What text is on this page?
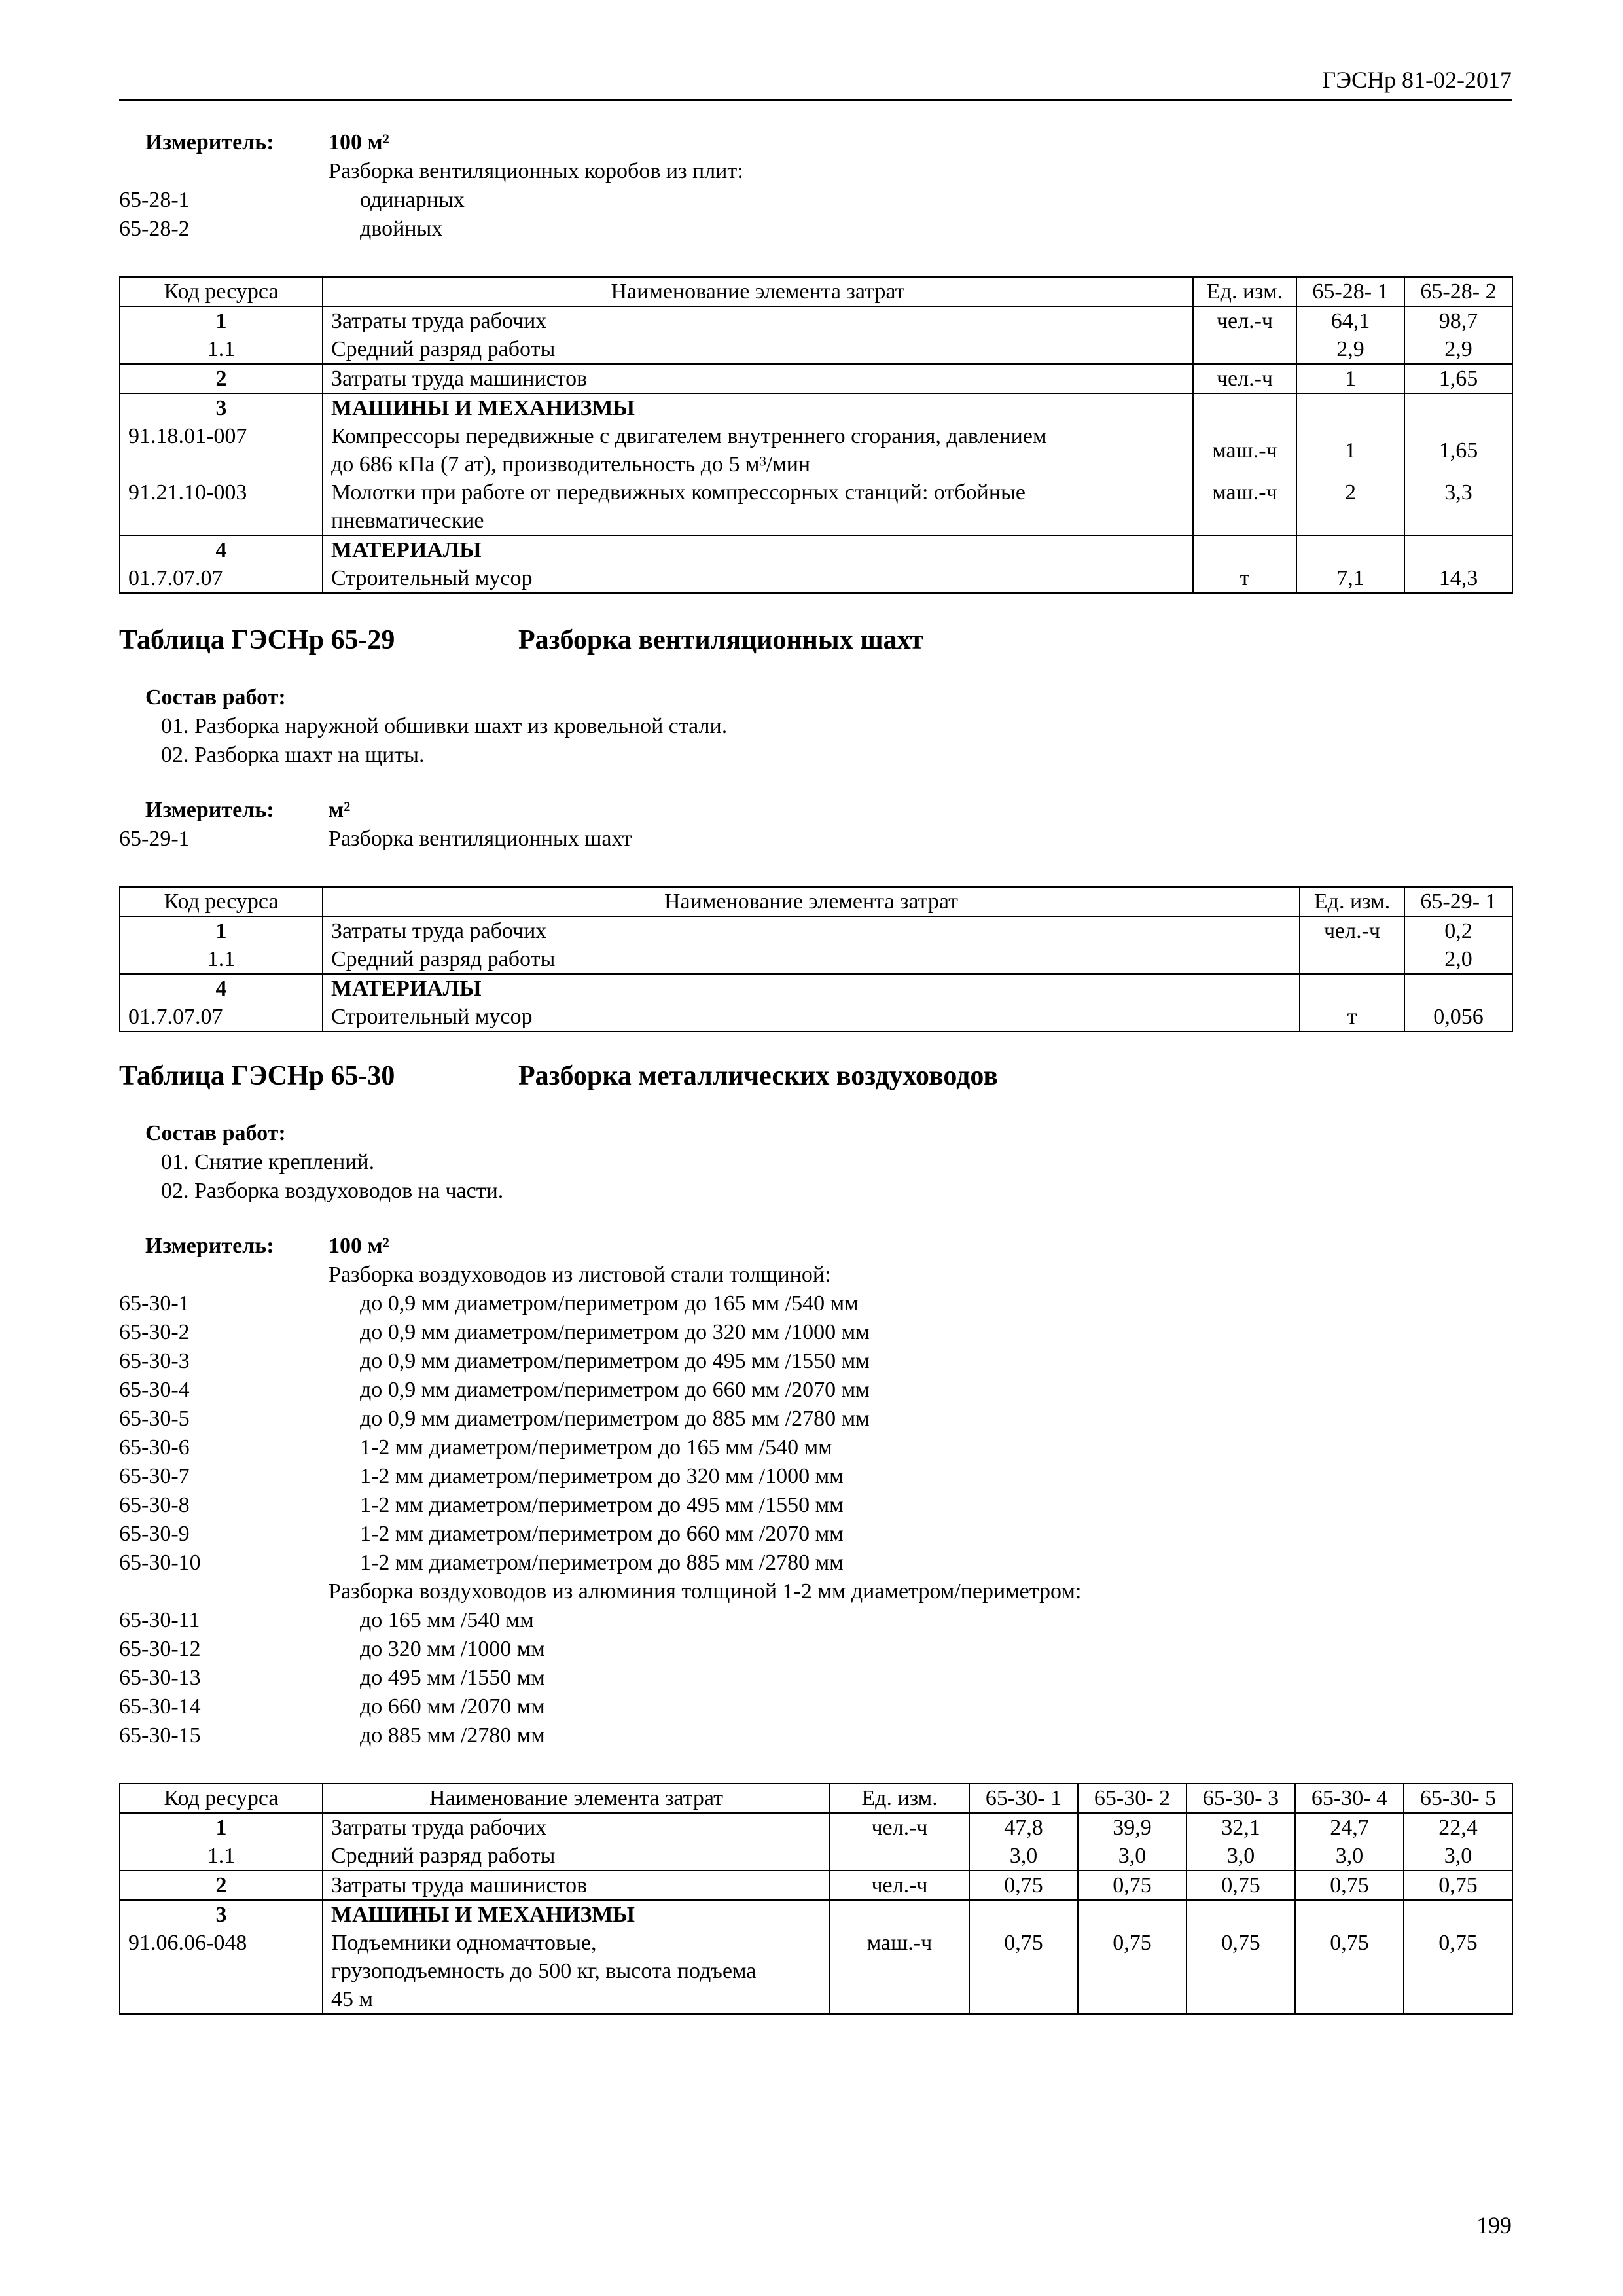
ГЭСНр 81-02-2017
Измеритель:	100 м²
Разборка вентиляционных коробов из плит:
65-28-1	одинарных
65-28-2	двойных
Код ресурса	Наименование элемента затрат	Ед. изм.	65-28- 1	65-28- 2
1	Затраты труда рабочих	чел.-ч	64,1	98,7
1.1	Средний разряд работы		2,9	2,9
2	Затраты труда машинистов	чел.-ч	1	1,65
3	МАШИНЫ И МЕХАНИЗМЫ			
91.18.01-007	Компрессоры передвижные с двигателем внутреннего сгорания, давлением
до 686 кПа (7 ат), производительность до 5 м³/мин	маш.-ч	1	1,65
91.21.10-003	Молотки при работе от передвижных компрессорных станций: отбойные
пневматические	маш.-ч	2	3,3
4	МАТЕРИАЛЫ			
01.7.07.07	Строительный мусор	т	7,1	14,3
Таблица ГЭСНр 65-29	Разборка вентиляционных шахт
Состав работ:
01. Разборка наружной обшивки шахт из кровельной стали.
02. Разборка шахт на щиты.
Измеритель:	м²
65-29-1	Разборка вентиляционных шахт
Код ресурса	Наименование элемента затрат	Ед. изм.	65-29- 1
1	Затраты труда рабочих	чел.-ч	0,2
1.1	Средний разряд работы		2,0
4	МАТЕРИАЛЫ		
01.7.07.07	Строительный мусор	т	0,056
Таблица ГЭСНр 65-30	Разборка металлических воздуховодов
Состав работ:
01. Снятие креплений.
02. Разборка воздуховодов на части.
Измеритель:	100 м²
Разборка воздуховодов из листовой стали толщиной:
65-30-1	до 0,9 мм диаметром/периметром до 165 мм /540 мм
65-30-2	до 0,9 мм диаметром/периметром до 320 мм /1000 мм
65-30-3	до 0,9 мм диаметром/периметром до 495 мм /1550 мм
65-30-4	до 0,9 мм диаметром/периметром до 660 мм /2070 мм
65-30-5	до 0,9 мм диаметром/периметром до 885 мм /2780 мм
65-30-6	1-2 мм диаметром/периметром до 165 мм /540 мм
65-30-7	1-2 мм диаметром/периметром до 320 мм /1000 мм
65-30-8	1-2 мм диаметром/периметром до 495 мм /1550 мм
65-30-9	1-2 мм диаметром/периметром до 660 мм /2070 мм
65-30-10	1-2 мм диаметром/периметром до 885 мм /2780 мм
Разборка воздуховодов из алюминия толщиной 1-2 мм диаметром/периметром:
65-30-11	до 165 мм /540 мм
65-30-12	до 320 мм /1000 мм
65-30-13	до 495 мм /1550 мм
65-30-14	до 660 мм /2070 мм
65-30-15	до 885 мм /2780 мм
Код ресурса	Наименование элемента затрат	Ед. изм.	65-30- 1	65-30- 2	65-30- 3	65-30- 4	65-30- 5
1	Затраты труда рабочих	чел.-ч	47,8	39,9	32,1	24,7	22,4
1.1	Средний разряд работы		3,0	3,0	3,0	3,0	3,0
2	Затраты труда машинистов	чел.-ч	0,75	0,75	0,75	0,75	0,75
3	МАШИНЫ И МЕХАНИЗМЫ						
91.06.06-048	Подъемники одномачтовые,
грузоподъемность до 500 кг, высота подъема
45 м	маш.-ч	0,75	0,75	0,75	0,75	0,75
199
